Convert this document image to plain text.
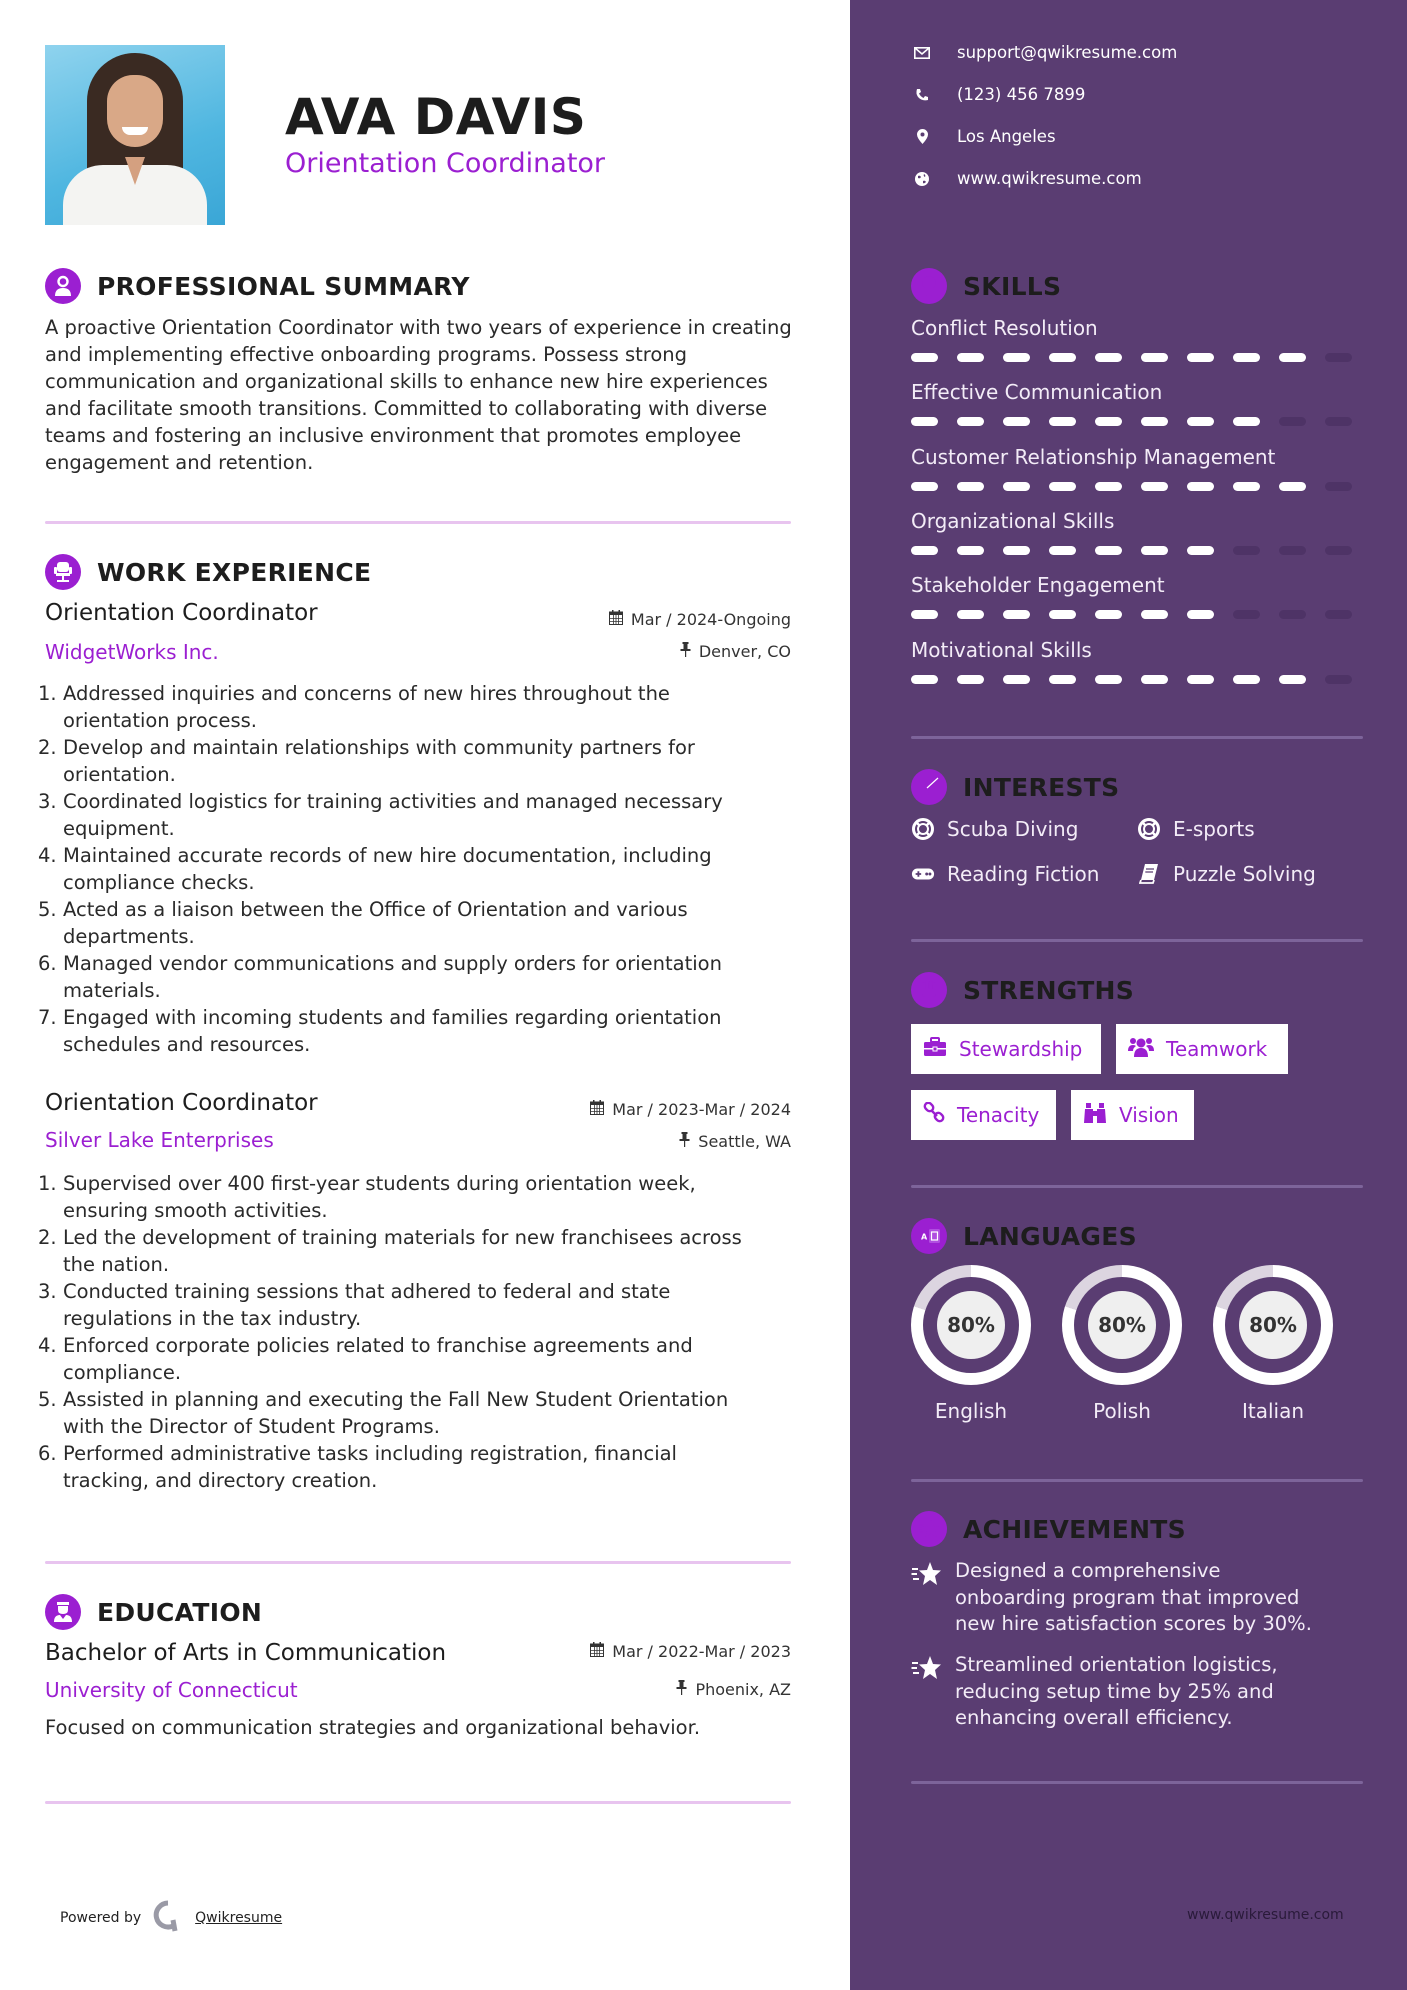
AVA DAVIS
Orientation Coordinator
PROFESSIONAL SUMMARY
A proactive Orientation Coordinator with two years of experience in creating and implementing effective onboarding programs. Possess strong communication and organizational skills to enhance new hire experiences and facilitate smooth transitions. Committed to collaborating with diverse teams and fostering an inclusive environment that promotes employee engagement and retention.
WORK EXPERIENCE
Orientation Coordinator
WidgetWorks Inc.
Mar / 2024-Ongoing
Denver, CO
1. Addressed inquiries and concerns of new hires throughout the
orientation process.
2. Develop and maintain relationships with community partners for
orientation.
3. Coordinated logistics for training activities and managed necessary
equipment.
4. Maintained accurate records of new hire documentation, including
compliance checks.
5. Acted as a liaison between the Office of Orientation and various
departments.
6. Managed vendor communications and supply orders for orientation
materials.
7. Engaged with incoming students and families regarding orientation
schedules and resources.
Orientation Coordinator
Silver Lake Enterprises
Mar / 2023-Mar / 2024
Seattle, WA
1. Supervised over 400 first-year students during orientation week,
ensuring smooth activities.
2. Led the development of training materials for new franchisees across
the nation.
3. Conducted training sessions that adhered to federal and state
regulations in the tax industry.
4. Enforced corporate policies related to franchise agreements and
compliance.
5. Assisted in planning and executing the Fall New Student Orientation
with the Director of Student Programs.
6. Performed administrative tasks including registration, financial
tracking, and directory creation.
EDUCATION
Bachelor of Arts in Communication
University of Connecticut
Mar / 2022-Mar / 2023
Phoenix, AZ
Focused on communication strategies and organizational behavior.
Powered by	Qwikresume
support@qwikresume.com
(123) 456 7899
Los Angeles
www.qwikresume.com
SKILLS
Conflict Resolution
Effective Communication
Customer Relationship Management
Organizational Skills
Stakeholder Engagement
Motivational Skills
INTERESTS
Scuba Diving	E-sports
Reading Fiction	Puzzle Solving
STRENGTHS
Stewardship	Teamwork
Tenacity	Vision
A LANGUAGES
80%
English
80%
Polish
80%
Italian
ACHIEVEMENTS
Designed a comprehensive
onboarding program that improved
new hire satisfaction scores by 30%.
Streamlined orientation logistics,
reducing setup time by 25% and
enhancing overall efficiency.
www.qwikresume.com
